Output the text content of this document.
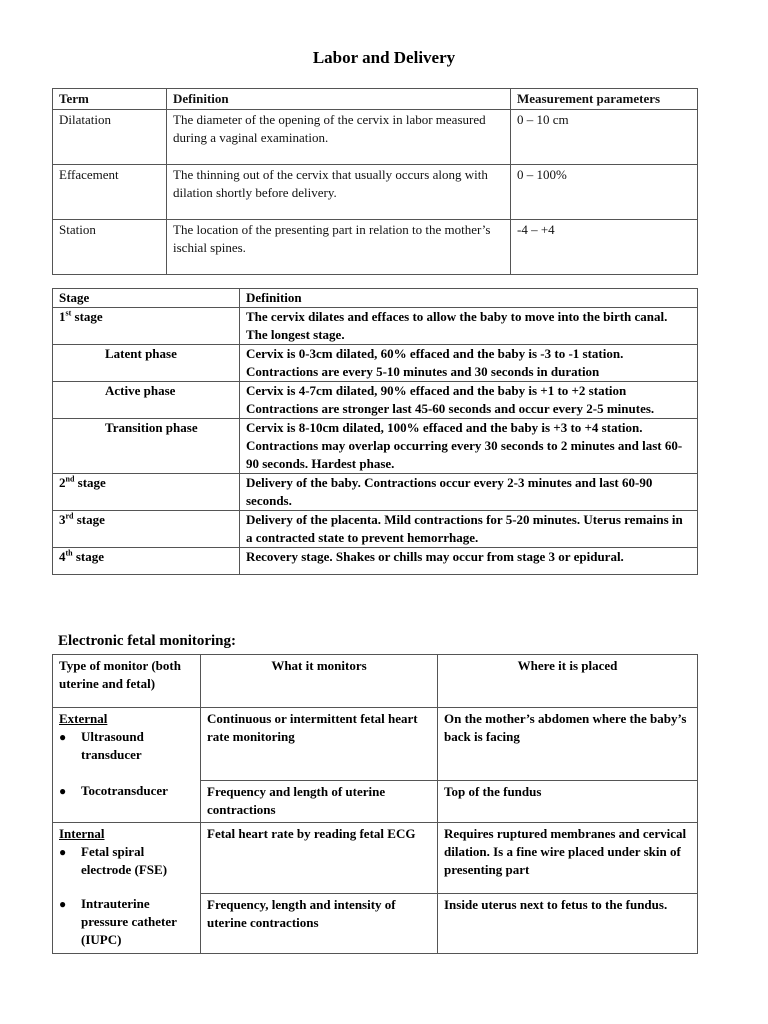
Labor and Delivery
Term	Definition	Measurement parameters
Dilatation	The diameter of the opening of the cervix in labor measured during a vaginal examination.	0 – 10 cm
Effacement	The thinning out of the cervix that usually occurs along with dilation shortly before delivery.	0 – 100%
Station	The location of the presenting part in relation to the mother’s ischial spines.	-4 – +4
Stage	Definition
1st stage	The cervix dilates and effaces to allow the baby to move into the birth canal. The longest stage.
Latent phase	Cervix is 0-3cm dilated, 60% effaced and the baby is -3 to -1 station. Contractions are every 5-10 minutes and 30 seconds in duration
Active phase	Cervix is 4-7cm dilated, 90% effaced and the baby is +1 to +2 station Contractions are stronger last 45-60 seconds and occur every 2-5 minutes.
Transition phase	Cervix is 8-10cm dilated, 100% effaced and the baby is +3 to +4 station. Contractions may overlap occurring every 30 seconds to 2 minutes and last 60-90 seconds. Hardest phase.
2nd stage	Delivery of the baby. Contractions occur every 2-3 minutes and last 60-90 seconds.
3rd stage	Delivery of the placenta. Mild contractions for 5-20 minutes. Uterus remains in a contracted state to prevent hemorrhage.
4th stage	Recovery stage. Shakes or chills may occur from stage 3 or epidural.
Electronic fetal monitoring:
Type of monitor (both uterine and fetal)	What it monitors	Where it is placed

External
● Ultrasound transducer	Continuous or intermittent fetal heart rate monitoring	On the mother’s abdomen where the baby’s back is facing

● Tocotransducer	Frequency and length of uterine contractions	Top of the fundus

Internal
● Fetal spiral electrode (FSE)	Fetal heart rate by reading fetal ECG	Requires ruptured membranes and cervical dilation. Is a fine wire placed under skin of presenting part

● Intrauterine pressure catheter (IUPC)	Frequency, length and intensity of uterine contractions	Inside uterus next to fetus to the fundus.
